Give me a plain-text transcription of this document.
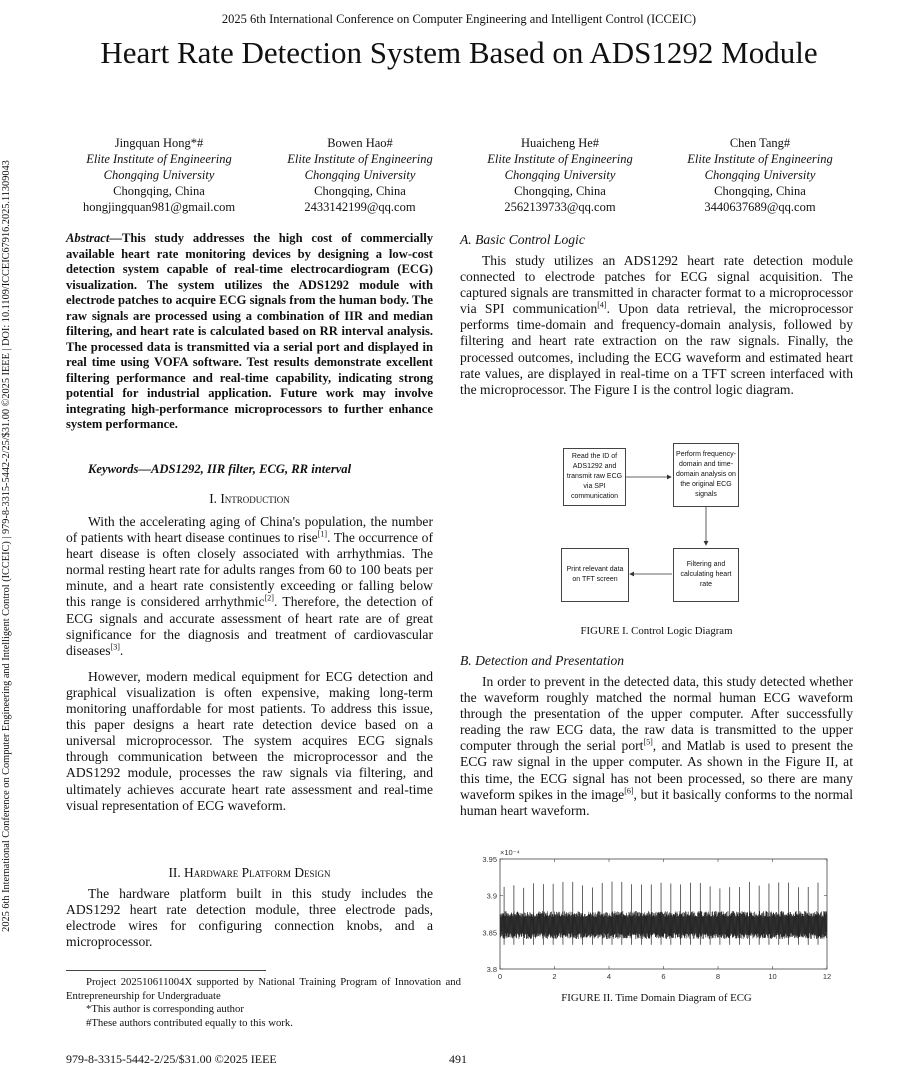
2025 6th International Conference on Computer Engineering and Intelligent Control (ICCEIC)
Heart Rate Detection System Based on ADS1292 Module
2025 6th International Conference on Computer Engineering and Intelligent Control (ICCEIC) | 979-8-3315-5442-2/25/$31.00 ©2025 IEEE | DOI: 10.1109/ICCEIC67916.2025.11309043
Jingquan Hong*#
Elite Institute of Engineering
Chongqing University
Chongqing, China
hongjingquan981@gmail.com
Bowen Hao#
Elite Institute of Engineering
Chongqing University
Chongqing, China
2433142199@qq.com
Huaicheng He#
Elite Institute of Engineering
Chongqing University
Chongqing, China
2562139733@qq.com
Chen Tang#
Elite Institute of Engineering
Chongqing University
Chongqing, China
3440637689@qq.com
Abstract—This study addresses the high cost of commercially available heart rate monitoring devices by designing a low-cost detection system capable of real-time electrocardiogram (ECG) visualization. The system utilizes the ADS1292 module with electrode patches to acquire ECG signals from the human body. The raw signals are processed using a combination of IIR and median filtering, and heart rate is calculated based on RR interval analysis. The processed data is transmitted via a serial port and displayed in real time using VOFA software. Test results demonstrate excellent filtering performance and real-time capability, indicating strong potential for industrial application. Future work may involve integrating high-performance microprocessors to further enhance system performance.
Keywords—ADS1292, IIR filter, ECG, RR interval
I. Introduction

With the accelerating aging of China's population, the number of patients with heart disease continues to rise[1]. The occurrence of heart disease is often closely associated with arrhythmias. The normal resting heart rate for adults ranges from 60 to 100 beats per minute, and a heart rate consistently exceeding or falling below this range is considered arrhythmic[2]. Therefore, the detection of ECG signals and accurate assessment of heart rate are of great significance for the diagnosis and treatment of cardiovascular diseases[3].

However, modern medical equipment for ECG detection and graphical visualization is often expensive, making long-term monitoring unaffordable for most patients. To address this issue, this paper designs a heart rate detection device based on a universal microprocessor. The system acquires ECG signals through communication between the microprocessor and the ADS1292 module, processes the raw signals via filtering, and ultimately achieves accurate heart rate assessment and real-time visual representation of ECG waveform.

II. Hardware Platform Design

The hardware platform built in this study includes the ADS1292 heart rate detection module, three electrode pads, electrode wires for configuring connection knobs, and a microprocessor.

Project 202510611004X supported by National Training Program of Innovation and Entrepreneurship for Undergraduate
*This author is corresponding author
#These authors contributed equally to this work.
A. Basic Control Logic

This study utilizes an ADS1292 heart rate detection module connected to electrode patches for ECG signal acquisition. The captured signals are transmitted in character format to a microprocessor via SPI communication[4]. Upon data retrieval, the microprocessor performs time-domain and frequency-domain analysis, followed by filtering and heart rate extraction on the raw signals. Finally, the processed outcomes, including the ECG waveform and estimated heart rate values, are displayed in real-time on a TFT screen interfaced with the microprocessor. The Figure I is the control logic diagram.

Read the ID of ADS1292 and transmit raw ECG via SPI communication
Perform frequency-domain and time-domain analysis on the original ECG signals
Filtering and calculating heart rate
Print relevant data on TFT screen
FIGURE I. Control Logic Diagram
B. Detection and Presentation

In order to prevent in the detected data, this study detected whether the waveform roughly matched the normal human ECG waveform through the presentation of the upper computer. After successfully reading the raw ECG data, the raw data is transmitted to the upper computer through the serial port[5], and Matlab is used to present the ECG raw signal in the upper computer. As shown in the Figure II, at this time, the ECG signal has not been processed, so there are many waveform spikes in the image[6], but it basically conforms to the normal human heart waveform.

×10⁻⁴
0	2	4	6	8	10	12
3.8
3.85
3.9
3.95
FIGURE II. Time Domain Diagram of ECG
979-8-3315-5442-2/25/$31.00 ©2025 IEEE	491
